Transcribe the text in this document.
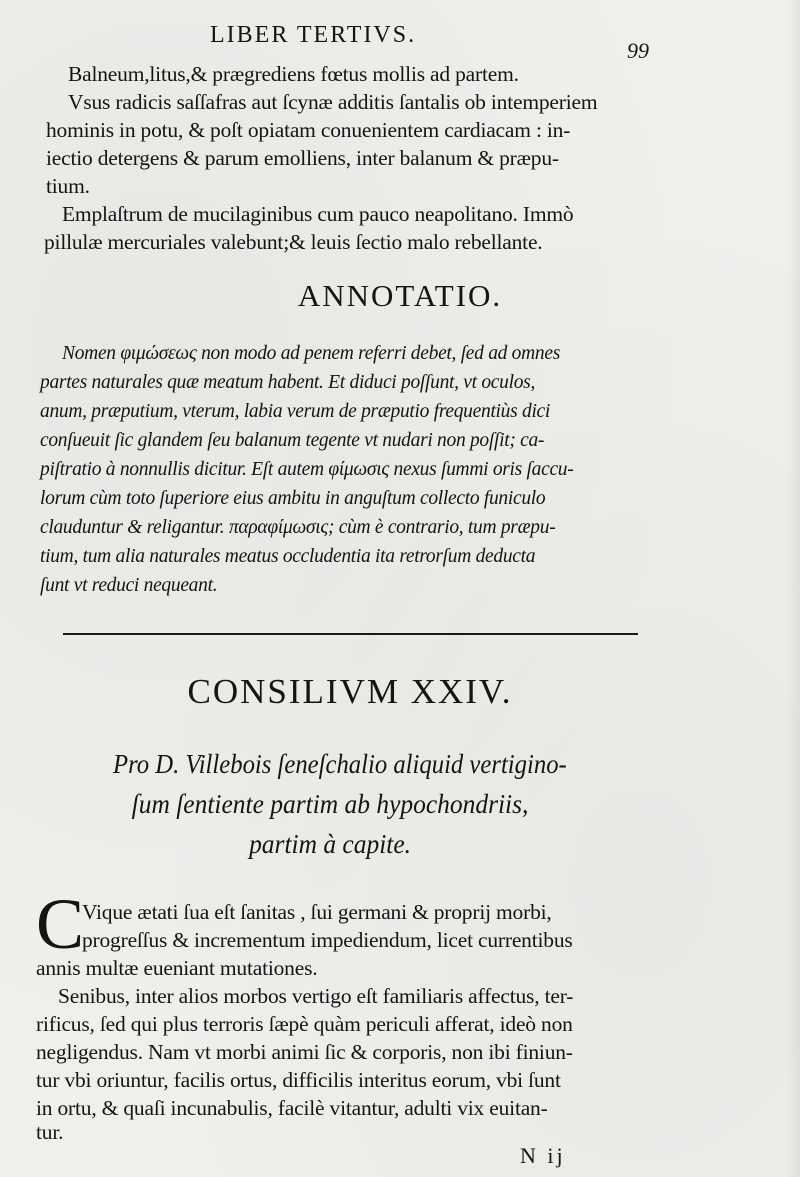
LIBER TERTIVS.
99
Balneum,litus,& prægrediens fœtus mollis ad partem.
Vsus radicis saſſafras aut ſcynæ additis ſantalis ob intemperiem
hominis in potu, & poſt opiatam conuenientem cardiacam : in-
iectio detergens & parum emolliens, inter balanum & præpu-
tium.
Emplaſtrum de mucilaginibus cum pauco neapolitano. Immò
pillulæ mercuriales valebunt;& leuis ſectio malo rebellante.
ANNOTATIO.
Nomen φιμώσεως non modo ad penem referri debet, ſed ad omnes
partes naturales quæ meatum habent. Et diduci poſſunt, vt oculos,
anum, præputium, vterum, labia verum de præputio frequentiùs dici
conſueuit ſic glandem ſeu balanum tegente vt nudari non poſſit; ca-
piſtratio à nonnullis dicitur. Eſt autem φίμωσις nexus ſummi oris ſaccu-
lorum cùm toto ſuperiore eius ambitu in anguſtum collecto funiculo
clauduntur & religantur. παραφίμωσις; cùm è contrario, tum præpu-
tium, tum alia naturales meatus occludentia ita retrorſum deducta
ſunt vt reduci nequeant.
CONSILIVM XXIV.
Pro D. Villebois ſeneſchalio aliquid vertigino-
ſum ſentiente partim ab hypochondriis,
partim à capite.
C
Vique ætati ſua eſt ſanitas , ſui germani & proprij morbi,
progreſſus & incrementum impediendum, licet currentibus
annis multæ eueniant mutationes.
Senibus, inter alios morbos vertigo eſt familiaris affectus, ter-
rificus, ſed qui plus terroris ſæpè quàm periculi afferat, ideò non
negligendus. Nam vt morbi animi ſic & corporis, non ibi finiun-
tur vbi oriuntur, facilis ortus, difficilis interitus eorum, vbi ſunt
in ortu, & quaſi incunabulis, facilè vitantur, adulti vix euitan-
tur.
N ij
